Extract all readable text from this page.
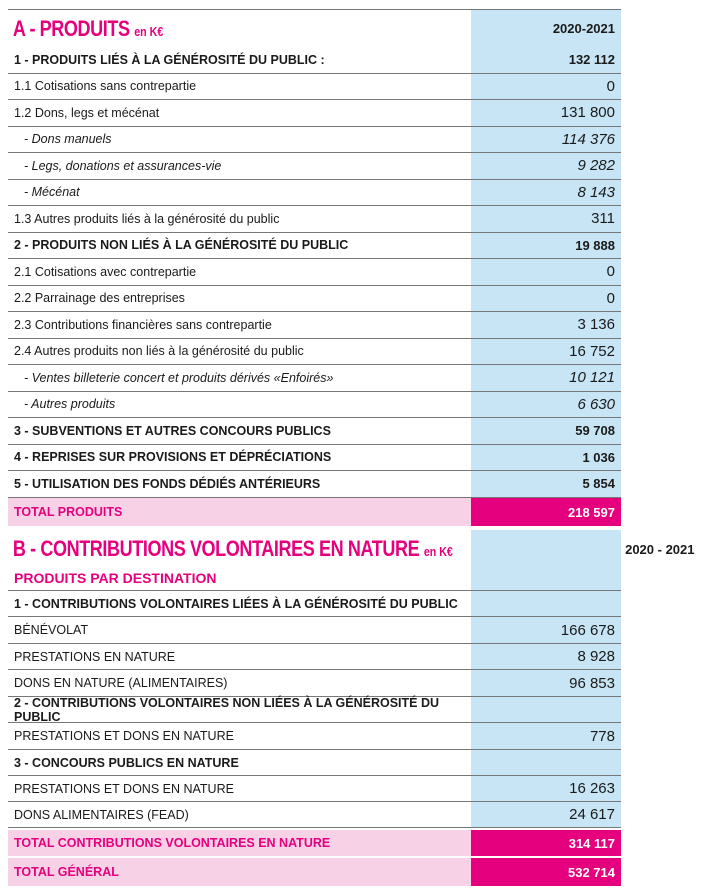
A - PRODUITS en K€	2020-2021
1 - PRODUITS LIÉS À LA GÉNÉROSITÉ DU PUBLIC :	132 112
1.1 Cotisations sans contrepartie	0
1.2 Dons, legs et mécénat	131 800
- Dons manuels	114 376
- Legs, donations et assurances-vie	9 282
- Mécénat	8 143
1.3 Autres produits liés à la générosité du public	311
2 - PRODUITS NON LIÉS À LA GÉNÉROSITÉ DU PUBLIC	19 888
2.1 Cotisations avec contrepartie	0
2.2 Parrainage des entreprises	0
2.3 Contributions financières sans contrepartie	3 136
2.4 Autres produits non liés à la générosité du public	16 752
- Ventes billeterie concert et produits dérivés «Enfoirés»	10 121
- Autres produits	6 630
3 - SUBVENTIONS ET AUTRES CONCOURS PUBLICS	59 708
4 - REPRISES SUR PROVISIONS ET DÉPRÉCIATIONS	1 036
5 - UTILISATION DES FONDS DÉDIÉS ANTÉRIEURS	5 854
TOTAL PRODUITS	218 597
B - CONTRIBUTIONS VOLONTAIRES EN NATURE en K€	2020 - 2021
PRODUITS PAR DESTINATION
1 - CONTRIBUTIONS VOLONTAIRES LIÉES À LA GÉNÉROSITÉ DU PUBLIC
BÉNÉVOLAT	166 678
PRESTATIONS EN NATURE	8 928
DONS EN NATURE (ALIMENTAIRES)	96 853
2 - CONTRIBUTIONS VOLONTAIRES NON LIÉES À LA GÉNÉROSITÉ DU PUBLIC
PRESTATIONS ET DONS EN NATURE	778
3 - CONCOURS PUBLICS EN NATURE
PRESTATIONS ET DONS EN NATURE	16 263
DONS ALIMENTAIRES (FEAD)	24 617
TOTAL CONTRIBUTIONS VOLONTAIRES EN NATURE	314 117
TOTAL GÉNÉRAL	532 714
